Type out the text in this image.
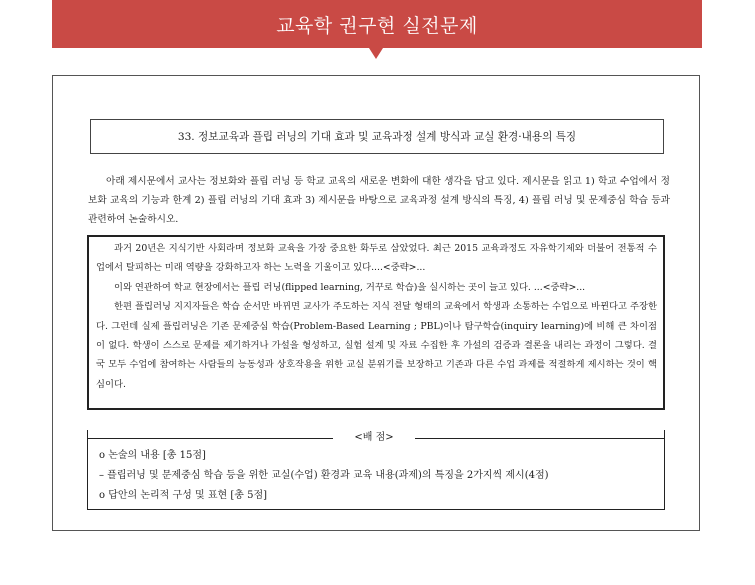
교육학 권구현 실전문제
33. 정보교육과 플립 러닝의 기대 효과 및 교육과정 설계 방식과 교실 환경·내용의 특징
아래 제시문에서 교사는 정보화와 플립 러닝 등 학교 교육의 새로운 변화에 대한 생각을 담고 있다. 제시문을 읽고 1) 학교 수업에서 정보화 교육의 기능과 한계 2) 플립 러닝의 기대 효과 3) 제시문을 바탕으로 교육과정 설계 방식의 특징, 4) 플립 러닝 및 문제중심 학습 등과 관련하여 논술하시오.

과거 20년은 지식기반 사회라며 정보화 교육을 가장 중요한 화두로 삼았었다. 최근 2015 교육과정도 자유학기제와 더불어 전통적 수업에서 탈피하는 미래 역량을 강화하고자 하는 노력을 기울이고 있다....<중략>...

이와 연관하여 학교 현장에서는 플립 러닝(flipped learning, 거꾸로 학습)을 실시하는 곳이 늘고 있다. ...<중략>...

한편 플립러닝 지지자들은 학습 순서만 바뀌면 교사가 주도하는 지식 전달 형태의 교육에서 학생과 소통하는 수업으로 바뀐다고 주장한다. 그런데 실제 플립러닝은 기존 문제중심 학습(Problem-Based Learning ; PBL)이나 탐구학습(inquiry learning)에 비해 큰 차이점이 없다. 학생이 스스로 문제를 제기하거나 가설을 형성하고, 실험 설계 및 자료 수집한 후 가설의 검증과 결론을 내리는 과정이 그렇다. 결국 모두 수업에 참여하는 사람들의 능동성과 상호작용을 위한 교실 분위기를 보장하고 기존과 다른 수업 과제를 적절하게 제시하는 것이 핵심이다.

<배 점>
o 논술의 내용 [총 15점]
– 플립러닝 및 문제중심 학습 등을 위한 교실(수업) 환경과 교육 내용(과제)의 특징을 2가지씩 제시(4점)
o 답안의 논리적 구성 및 표현 [총 5점]
